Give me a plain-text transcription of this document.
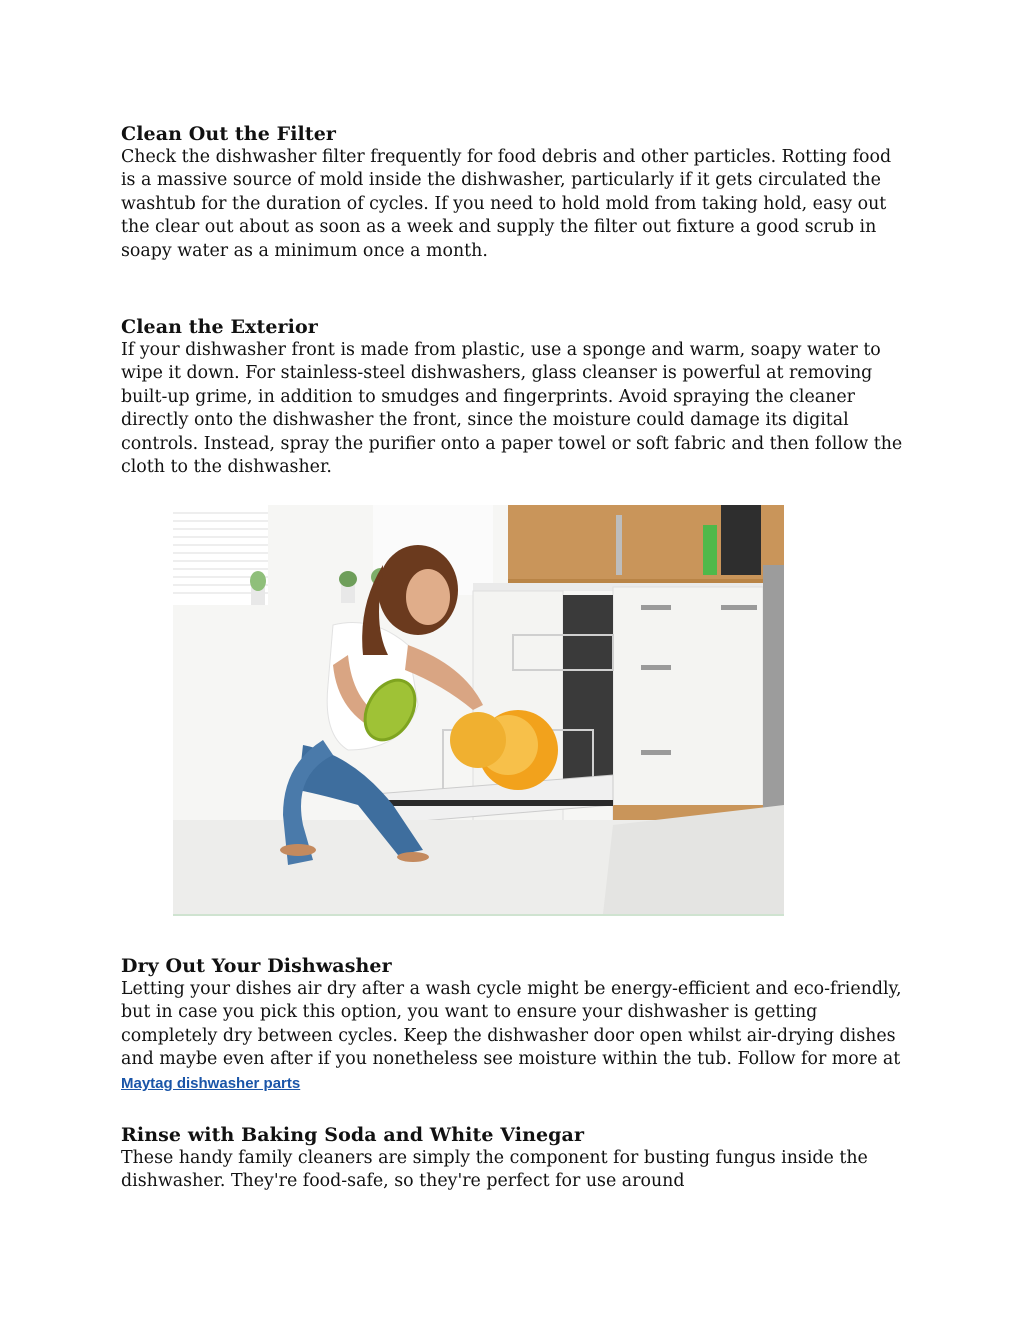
Clean Out the Filter

Check the dishwasher filter frequently for food debris and other particles. Rotting food is a massive source of mold inside the dishwasher, particularly if it gets circulated the washtub for the duration of cycles. If you need to hold mold from taking hold, easy out the clear out about as soon as a week and supply the filter out fixture a good scrub in soapy water as a minimum once a month.

Clean the Exterior

If your dishwasher front is made from plastic, use a sponge and warm, soapy water to wipe it down. For stainless-steel dishwashers, glass cleanser is powerful at removing built-up grime, in addition to smudges and fingerprints. Avoid spraying the cleaner directly onto the dishwasher the front, since the moisture could damage its digital controls. Instead, spray the purifier onto a paper towel or soft fabric and then follow the cloth to the dishwasher.

Dry Out Your Dishwasher

Letting your dishes air dry after a wash cycle might be energy-efficient and eco-friendly, but in case you pick this option, you want to ensure your dishwasher is getting completely dry between cycles. Keep the dishwasher door open whilst air-drying dishes and maybe even after if you nonetheless see moisture within the tub. Follow for more at Maytag dishwasher parts

Rinse with Baking Soda and White Vinegar

These handy family cleaners are simply the component for busting fungus inside the dishwasher. They're food-safe, so they're perfect for use around
